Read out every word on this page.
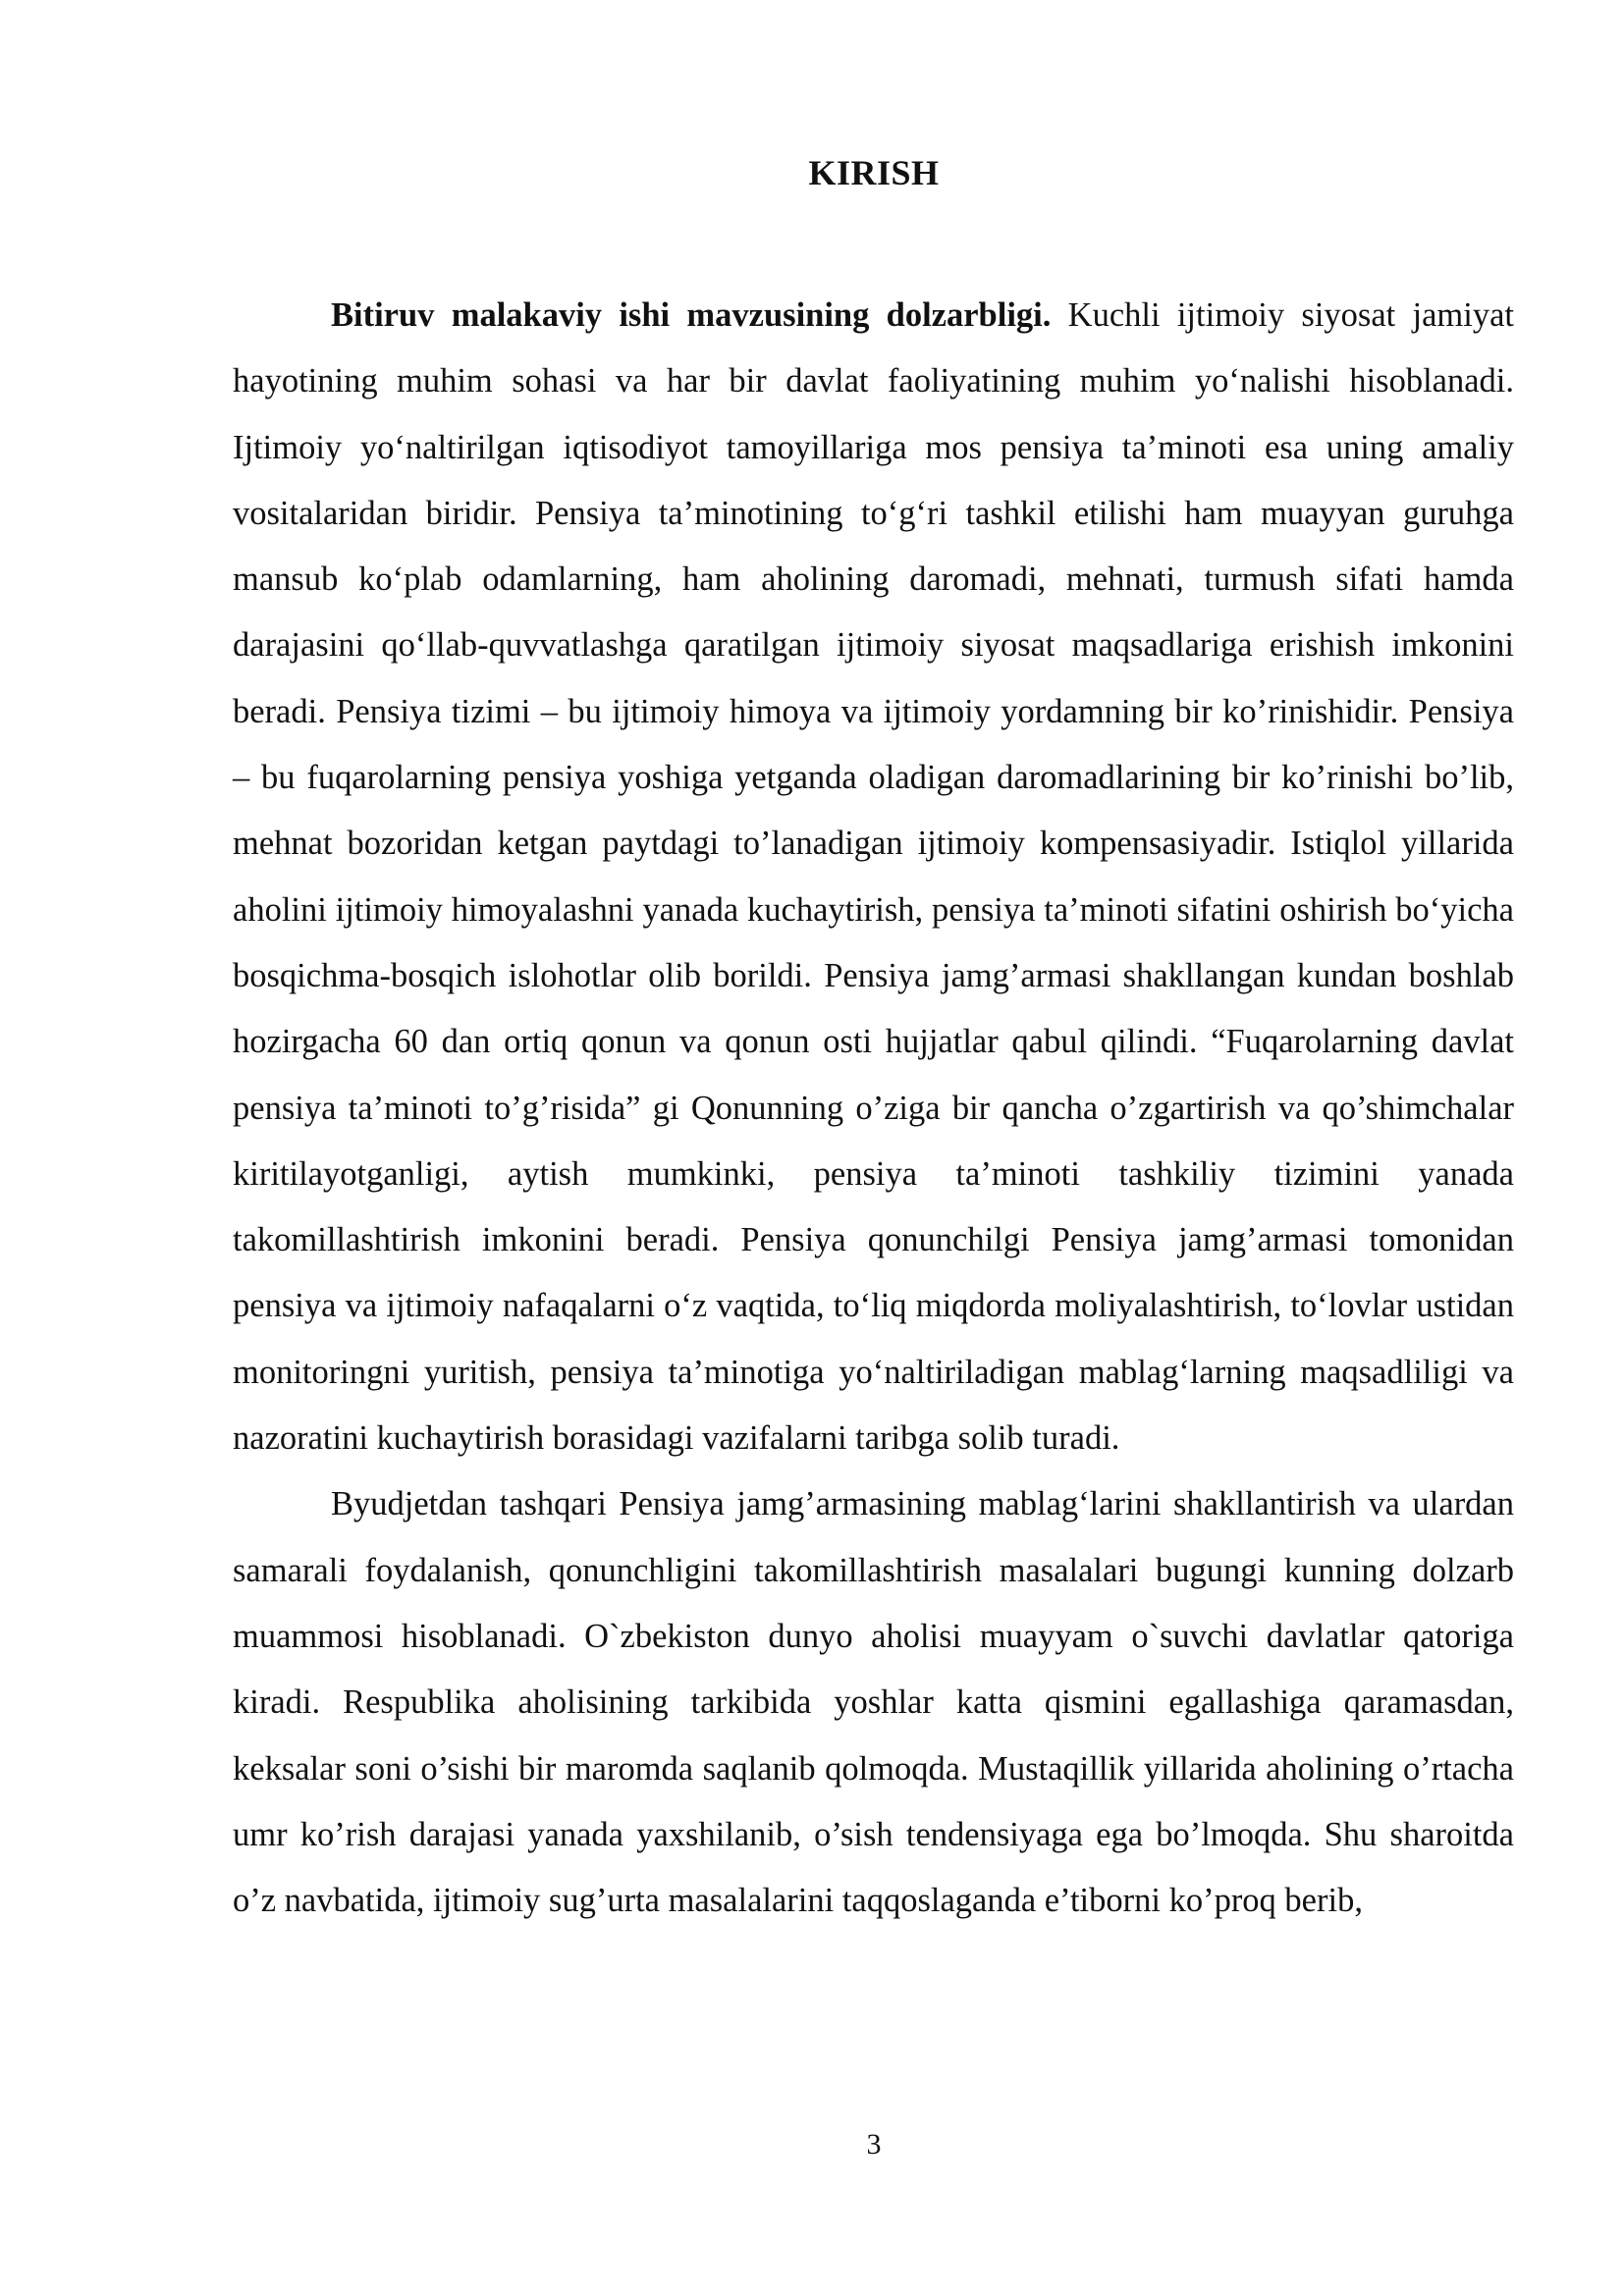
KIRISH

Bitiruv malakaviy ishi mavzusining dolzarbligi. Kuchli ijtimoiy siyosat jamiyat hayotining muhim sohasi va har bir davlat faoliyatining muhim yo‘nalishi hisoblanadi. Ijtimoiy yo‘naltirilgan iqtisodiyot tamoyillariga mos pensiya ta’minoti esa uning amaliy vositalaridan biridir. Pensiya ta’minotining to‘g‘ri tashkil etilishi ham muayyan guruhga mansub ko‘plab odamlarning, ham aholining daromadi, mehnati, turmush sifati hamda darajasini qo‘llab-quvvatlashga qaratilgan ijtimoiy siyosat maqsadlariga erishish imkonini beradi. Pensiya tizimi – bu ijtimoiy himoya va ijtimoiy yordamning bir ko’rinishidir. Pensiya – bu fuqarolarning pensiya yoshiga yetganda oladigan daromadlarining bir ko’rinishi bo’lib, mehnat bozoridan ketgan paytdagi to’lanadigan ijtimoiy kompensasiyadir. Istiqlol yillarida aholini ijtimoiy himoyalashni yanada kuchaytirish, pensiya ta’minoti sifatini oshirish bo‘yicha bosqichma-bosqich islohotlar olib borildi. Pensiya jamg’armasi shakllangan kundan boshlab hozirgacha 60 dan ortiq qonun va qonun osti hujjatlar qabul qilindi. “Fuqarolarning davlat pensiya ta’minoti to’g’risida” gi Qonunning o’ziga bir qancha o’zgartirish va qo’shimchalar kiritilayotganligi, aytish mumkinki, pensiya ta’minoti tashkiliy tizimini yanada takomillashtirish imkonini beradi. Pensiya qonunchilgi Pensiya jamg’armasi tomonidan pensiya va ijtimoiy nafaqalarni o‘z vaqtida, to‘liq miqdorda moliyalashtirish, to‘lovlar ustidan monitoringni yuritish, pensiya ta’minotiga yo‘naltiriladigan mablag‘larning maqsadliligi va nazoratini kuchaytirish borasidagi vazifalarni taribga solib turadi.

Byudjetdan tashqari Pensiya jamg’armasining mablag‘larini shakllantirish va ulardan samarali foydalanish, qonunchligini takomillashtirish masalalari bugungi kunning dolzarb muammosi hisoblanadi. O`zbekiston dunyo aholisi muayyam o`suvchi davlatlar qatoriga kiradi. Respublika aholisining tarkibida yoshlar katta qismini egallashiga qaramasdan, keksalar soni o’sishi bir maromda saqlanib qolmoqda. Mustaqillik yillarida aholining o’rtacha umr ko’rish darajasi yanada yaxshilanib, o’sish tendensiyaga ega bo’lmoqda. Shu sharoitda o’z navbatida, ijtimoiy sug’urta masalalarini taqqoslaganda e’tiborni ko’proq berib,

3
